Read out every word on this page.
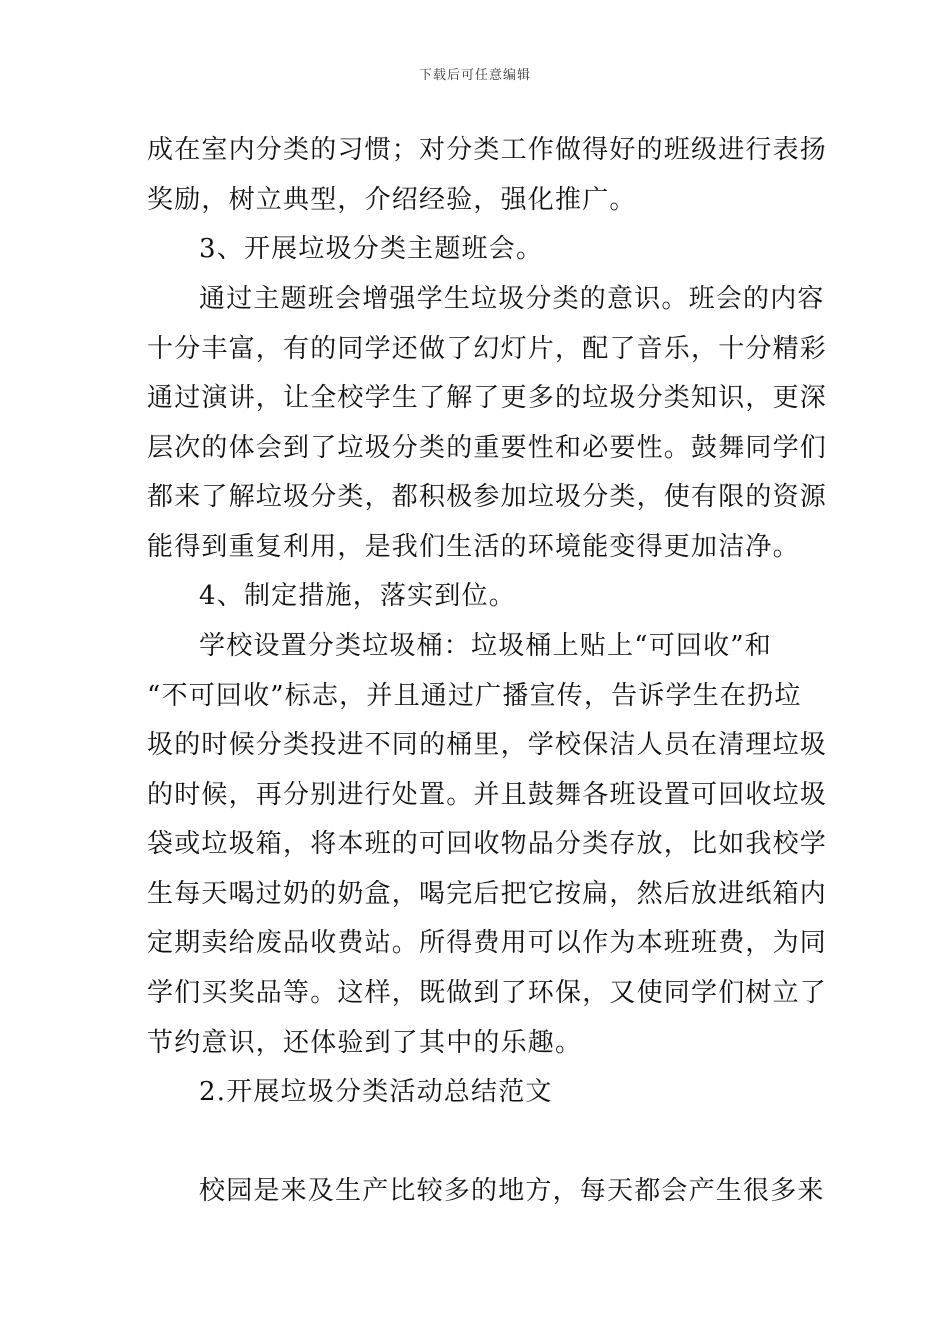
下载后可任意编辑
成在室内分类的习惯；对分类工作做得好的班级进行表扬
奖励，树立典型，介绍经验，强化推广。
3、开展垃圾分类主题班会。
通过主题班会增强学生垃圾分类的意识。班会的内容
十分丰富，有的同学还做了幻灯片，配了音乐，十分精彩
通过演讲，让全校学生了解了更多的垃圾分类知识，更深
层次的体会到了垃圾分类的重要性和必要性。鼓舞同学们
都来了解垃圾分类，都积极参加垃圾分类，使有限的资源
能得到重复利用，是我们生活的环境能变得更加洁净。
4、制定措施，落实到位。
学校设置分类垃圾桶：垃圾桶上贴上“可回收”和
“不可回收”标志，并且通过广播宣传，告诉学生在扔垃
圾的时候分类投进不同的桶里，学校保洁人员在清理垃圾
的时候，再分别进行处置。并且鼓舞各班设置可回收垃圾
袋或垃圾箱，将本班的可回收物品分类存放，比如我校学
生每天喝过奶的奶盒，喝完后把它按扁，然后放进纸箱内
定期卖给废品收费站。所得费用可以作为本班班费，为同
学们买奖品等。这样，既做到了环保，又使同学们树立了
节约意识，还体验到了其中的乐趣。
2.开展垃圾分类活动总结范文
校园是来及生产比较多的地方，每天都会产生很多来
